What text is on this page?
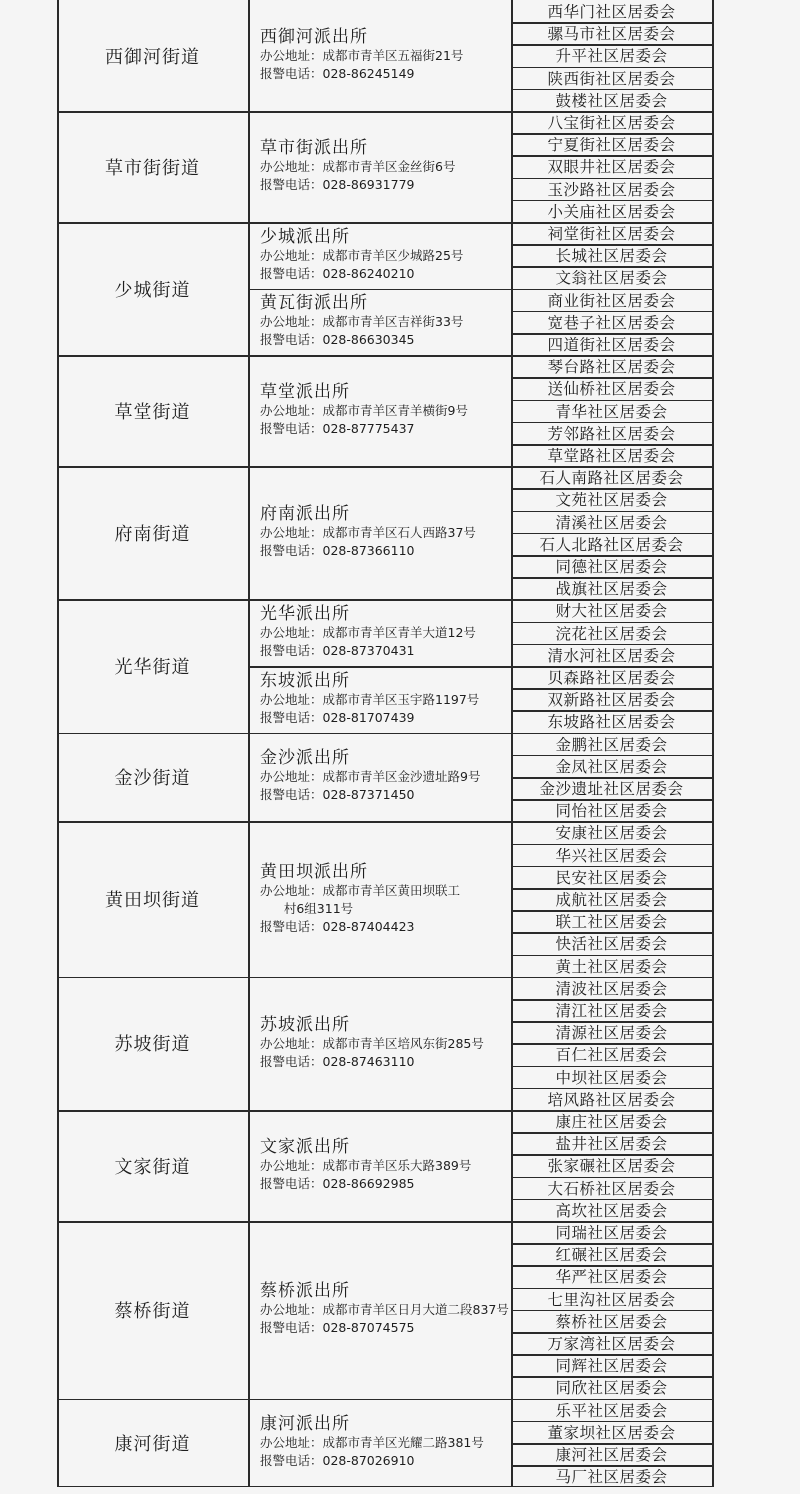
西御河街道
西御河派出所
办公地址：成都市青羊区五福街21号
报警电话：028-86245149
西华门社区居委会
骡马市社区居委会
升平社区居委会
陕西街社区居委会
鼓楼社区居委会
草市街街道
草市街派出所
办公地址：成都市青羊区金丝街6号
报警电话：028-86931779
八宝街社区居委会
宁夏街社区居委会
双眼井社区居委会
玉沙路社区居委会
小关庙社区居委会
少城街道
少城派出所
办公地址：成都市青羊区少城路25号
报警电话：028-86240210
黄瓦街派出所
办公地址：成都市青羊区吉祥街33号
报警电话：028-86630345
祠堂街社区居委会
长城社区居委会
文翁社区居委会
商业街社区居委会
宽巷子社区居委会
四道街社区居委会
草堂街道
草堂派出所
办公地址：成都市青羊区青羊横街9号
报警电话：028-87775437
琴台路社区居委会
送仙桥社区居委会
青华社区居委会
芳邻路社区居委会
草堂路社区居委会
府南街道
府南派出所
办公地址：成都市青羊区石人西路37号
报警电话：028-87366110
石人南路社区居委会
文苑社区居委会
清溪社区居委会
石人北路社区居委会
同德社区居委会
战旗社区居委会
光华街道
光华派出所
办公地址：成都市青羊区青羊大道12号
报警电话：028-87370431
东坡派出所
办公地址：成都市青羊区玉宇路1197号
报警电话：028-81707439
财大社区居委会
浣花社区居委会
清水河社区居委会
贝森路社区居委会
双新路社区居委会
东坡路社区居委会
金沙街道
金沙派出所
办公地址：成都市青羊区金沙遗址路9号
报警电话：028-87371450
金鹏社区居委会
金凤社区居委会
金沙遗址社区居委会
同怡社区居委会
黄田坝街道
黄田坝派出所
办公地址：成都市青羊区黄田坝联工
村6组311号
报警电话：028-87404423
安康社区居委会
华兴社区居委会
民安社区居委会
成航社区居委会
联工社区居委会
快活社区居委会
黄土社区居委会
苏坡街道
苏坡派出所
办公地址：成都市青羊区培风东街285号
报警电话：028-87463110
清波社区居委会
清江社区居委会
清源社区居委会
百仁社区居委会
中坝社区居委会
培风路社区居委会
文家街道
文家派出所
办公地址：成都市青羊区乐大路389号
报警电话：028-86692985
康庄社区居委会
盐井社区居委会
张家碾社区居委会
大石桥社区居委会
高坎社区居委会
蔡桥街道
蔡桥派出所
办公地址：成都市青羊区日月大道二段837号
报警电话：028-87074575
同瑞社区居委会
红碾社区居委会
华严社区居委会
七里沟社区居委会
蔡桥社区居委会
万家湾社区居委会
同辉社区居委会
同欣社区居委会
康河街道
康河派出所
办公地址：成都市青羊区光耀二路381号
报警电话：028-87026910
乐平社区居委会
董家坝社区居委会
康河社区居委会
马厂社区居委会
